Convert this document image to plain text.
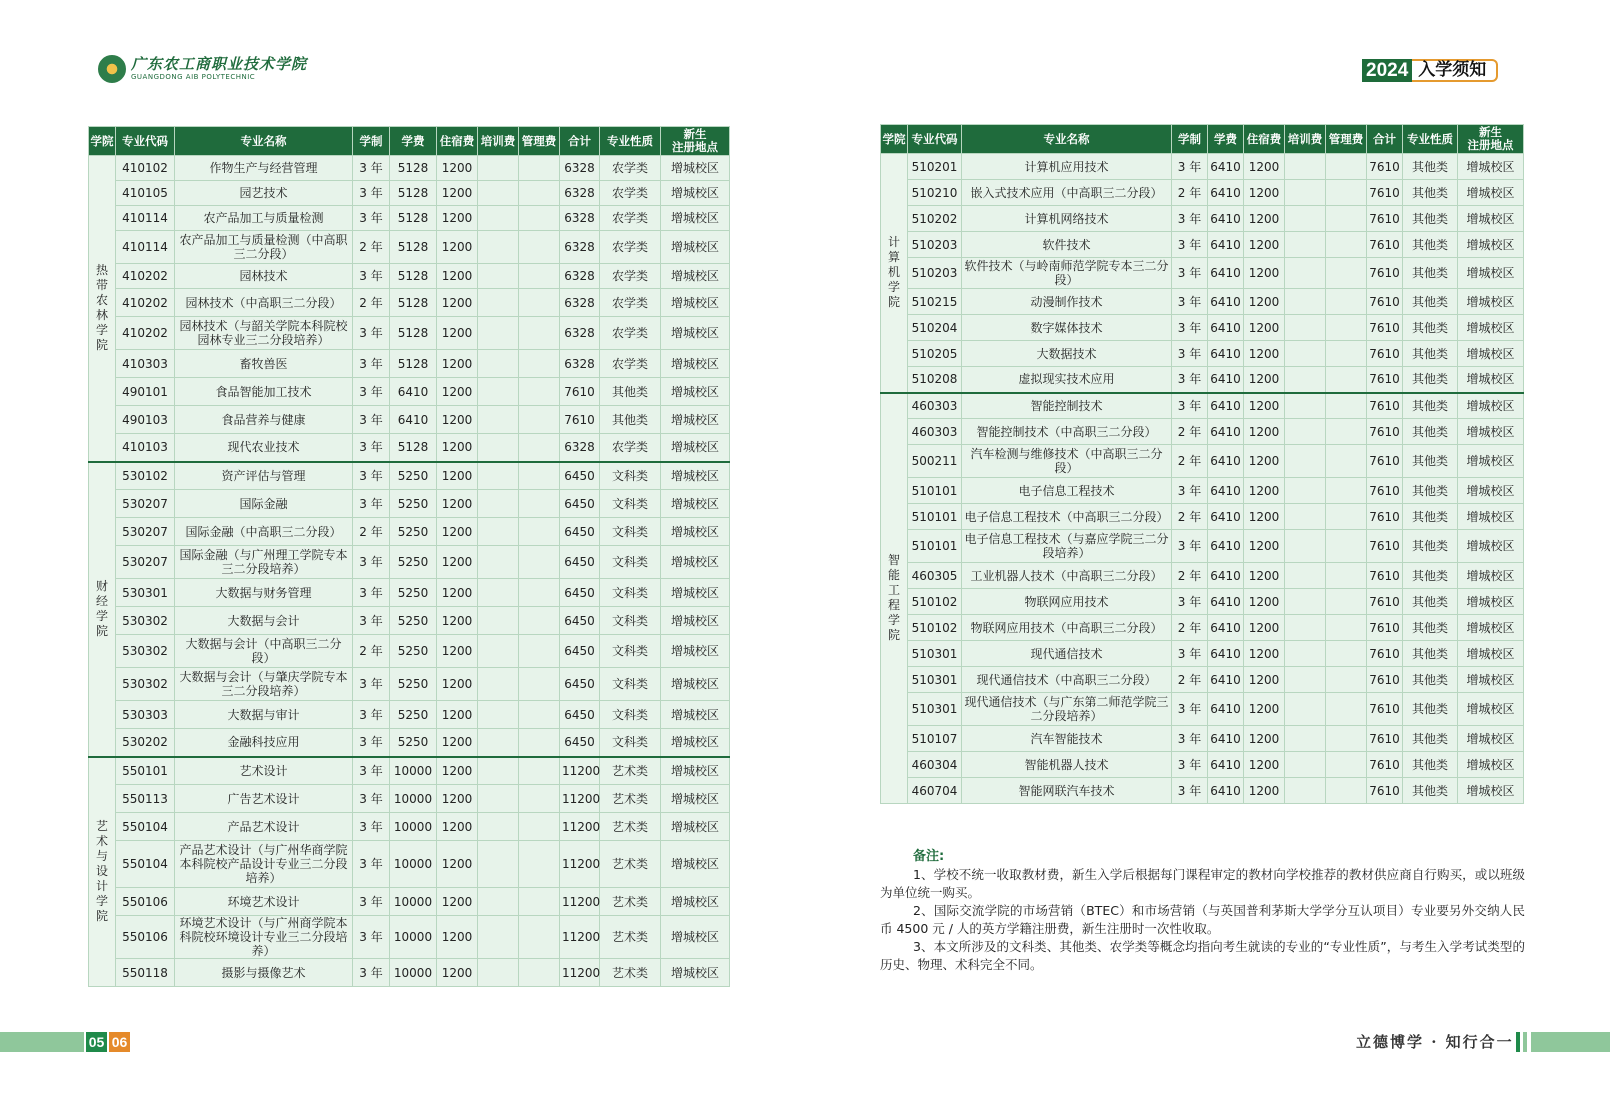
广东农工商职业技术学院
GUANGDONG AIB POLYTECHNIC	2024 入学须知
学院	专业代码	专业名称	学制	学费	住宿费	培训费	管理费	合计	专业性质	新生
注册地点

热带农林学院	410102	作物生产与经营管理	3 年	5128	1200			6328	农学类	增城校区
	410105	园艺技术	3 年	5128	1200			6328	农学类	增城校区
	410114	农产品加工与质量检测	3 年	5128	1200			6328	农学类	增城校区
	410114	农产品加工与质量检测（中高职三二分段）	2 年	5128	1200			6328	农学类	增城校区
	410202	园林技术	3 年	5128	1200			6328	农学类	增城校区
	410202	园林技术（中高职三二分段）	2 年	5128	1200			6328	农学类	增城校区
	410202	园林技术（与韶关学院本科院校园林专业三二分段培养）	3 年	5128	1200			6328	农学类	增城校区
	410303	畜牧兽医	3 年	5128	1200			6328	农学类	增城校区
	490101	食品智能加工技术	3 年	6410	1200			7610	其他类	增城校区
	490103	食品营养与健康	3 年	6410	1200			7610	其他类	增城校区
	410103	现代农业技术	3 年	5128	1200			6328	农学类	增城校区

财经学院	530102	资产评估与管理	3 年	5250	1200			6450	文科类	增城校区
	530207	国际金融	3 年	5250	1200			6450	文科类	增城校区
	530207	国际金融（中高职三二分段）	2 年	5250	1200			6450	文科类	增城校区
	530207	国际金融（与广州理工学院专本三二分段培养）	3 年	5250	1200			6450	文科类	增城校区
	530301	大数据与财务管理	3 年	5250	1200			6450	文科类	增城校区
	530302	大数据与会计	3 年	5250	1200			6450	文科类	增城校区
	530302	大数据与会计（中高职三二分段）	2 年	5250	1200			6450	文科类	增城校区
	530302	大数据与会计（与肇庆学院专本三二分段培养）	3 年	5250	1200			6450	文科类	增城校区
	530303	大数据与审计	3 年	5250	1200			6450	文科类	增城校区
	530202	金融科技应用	3 年	5250	1200			6450	文科类	增城校区

艺术与设计学院	550101	艺术设计	3 年	10000	1200			11200	艺术类	增城校区
	550113	广告艺术设计	3 年	10000	1200			11200	艺术类	增城校区
	550104	产品艺术设计	3 年	10000	1200			11200	艺术类	增城校区
	550104	产品艺术设计（与广州华商学院本科院校产品设计专业三二分段培养）	3 年	10000	1200			11200	艺术类	增城校区
	550106	环境艺术设计	3 年	10000	1200			11200	艺术类	增城校区
	550106	环境艺术设计（与广州商学院本科院校环境设计专业三二分段培养）	3 年	10000	1200			11200	艺术类	增城校区
	550118	摄影与摄像艺术	3 年	10000	1200			11200	艺术类	增城校区
学院	专业代码	专业名称	学制	学费	住宿费	培训费	管理费	合计	专业性质	新生
注册地点

计算机学院	510201	计算机应用技术	3 年	6410	1200			7610	其他类	增城校区
	510210	嵌入式技术应用（中高职三二分段）	2 年	6410	1200			7610	其他类	增城校区
	510202	计算机网络技术	3 年	6410	1200			7610	其他类	增城校区
	510203	软件技术	3 年	6410	1200			7610	其他类	增城校区
	510203	软件技术（与岭南师范学院专本三二分段）	3 年	6410	1200			7610	其他类	增城校区
	510215	动漫制作技术	3 年	6410	1200			7610	其他类	增城校区
	510204	数字媒体技术	3 年	6410	1200			7610	其他类	增城校区
	510205	大数据技术	3 年	6410	1200			7610	其他类	增城校区
	510208	虚拟现实技术应用	3 年	6410	1200			7610	其他类	增城校区

智能工程学院	460303	智能控制技术	3 年	6410	1200			7610	其他类	增城校区
	460303	智能控制技术（中高职三二分段）	2 年	6410	1200			7610	其他类	增城校区
	500211	汽车检测与维修技术（中高职三二分段）	2 年	6410	1200			7610	其他类	增城校区
	510101	电子信息工程技术	3 年	6410	1200			7610	其他类	增城校区
	510101	电子信息工程技术（中高职三二分段）	2 年	6410	1200			7610	其他类	增城校区
	510101	电子信息工程技术（与嘉应学院三二分段培养）	3 年	6410	1200			7610	其他类	增城校区
	460305	工业机器人技术（中高职三二分段）	2 年	6410	1200			7610	其他类	增城校区
	510102	物联网应用技术	3 年	6410	1200			7610	其他类	增城校区
	510102	物联网应用技术（中高职三二分段）	2 年	6410	1200			7610	其他类	增城校区
	510301	现代通信技术	3 年	6410	1200			7610	其他类	增城校区
	510301	现代通信技术（中高职三二分段）	2 年	6410	1200			7610	其他类	增城校区
	510301	现代通信技术（与广东第二师范学院三二分段培养）	3 年	6410	1200			7610	其他类	增城校区
	510107	汽车智能技术	3 年	6410	1200			7610	其他类	增城校区
	460304	智能机器人技术	3 年	6410	1200			7610	其他类	增城校区
	460704	智能网联汽车技术	3 年	6410	1200			7610	其他类	增城校区
备注:

1、学校不统一收取教材费，新生入学后根据每门课程审定的教材向学校推荐的教材供应商自行购买，或以班级为单位统一购买。

2、国际交流学院的市场营销（BTEC）和市场营销（与英国普利茅斯大学学分互认项目）专业要另外交纳人民币 4500 元 / 人的英方学籍注册费，新生注册时一次性收取。

3、本文所涉及的文科类、其他类、农学类等概念均指向考生就读的专业的“专业性质”，与考生入学考试类型的历史、物理、术科完全不同。

05 06	立德博学 · 知行合一
